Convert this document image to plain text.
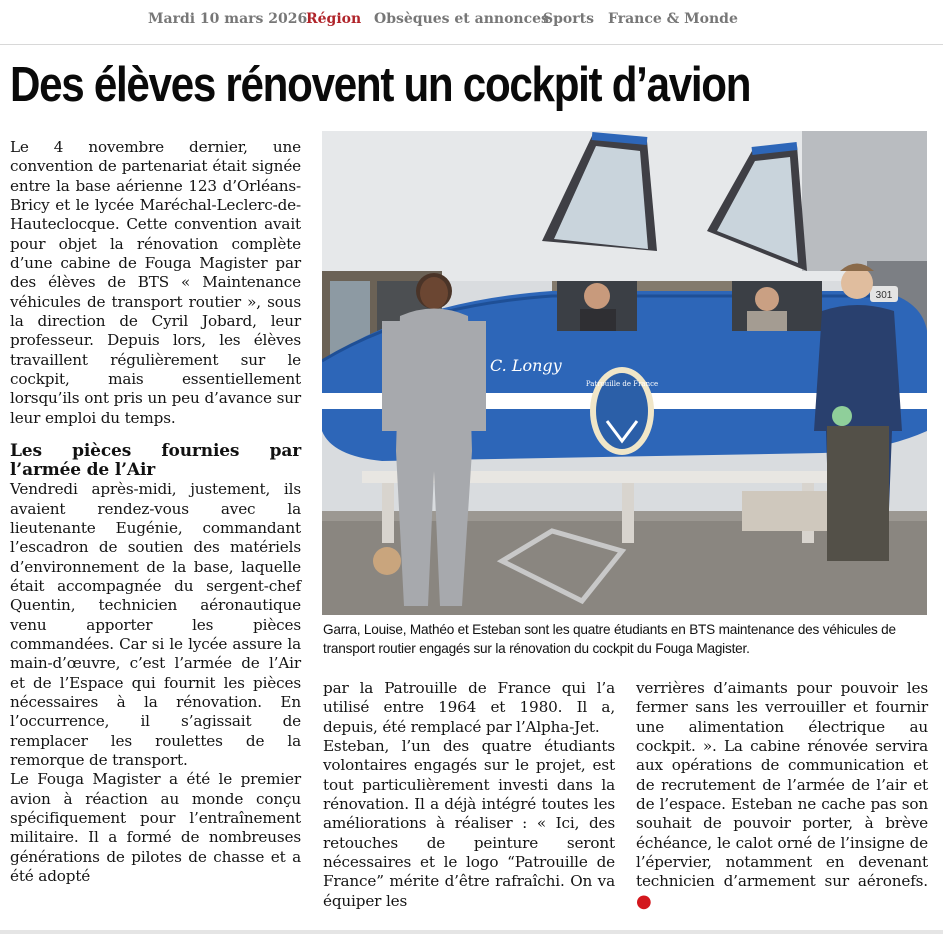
Mardi 10 mars 2026
Région Obsèques et annonces
Sports France & Monde
Des élèves rénovent un cockpit d’avion

Le 4 novembre dernier, une convention de partenariat était signée entre la base aérienne 123 d’Orléans-Bricy et le lycée Maréchal-Leclerc-de-Hauteclocque. Cette convention avait pour objet la rénovation complète d’une cabine de Fouga Magister par des élèves de BTS « Maintenance véhicules de transport routier », sous la direction de Cyril Jobard, leur professeur. Depuis lors, les élèves travaillent régulièrement sur le cockpit, mais essentiellement lorsqu’ils ont pris un peu d’avance sur leur emploi du temps.

Les pièces fournies par l’armée de l’Air

Vendredi après-midi, justement, ils avaient rendez-vous avec la lieutenante Eugénie, commandant l’escadron de soutien des matériels d’environnement de la base, laquelle était accompagnée du sergent-chef Quentin, technicien aéronautique venu apporter les pièces commandées. Car si le lycée assure la main-d’œuvre, c’est l’armée de l’Air et de l’Espace qui fournit les pièces nécessaires à la rénovation. En l’occurrence, il s’agissait de remplacer les roulettes de la remorque de transport.

Le Fouga Magister a été le premier avion à réaction au monde conçu spécifiquement pour l’entraînement militaire. Il a formé de nombreuses générations de pilotes de chasse et a été adopté

Patrouille de France
C. Longy
301
Garra, Louise, Mathéo et Esteban sont les quatre étudiants en BTS maintenance des véhicules de transport routier engagés sur la rénovation du cockpit du Fouga Magister.

par la Patrouille de France qui l’a utilisé entre 1964 et 1980. Il a, depuis, été remplacé par l’Alpha-Jet.

Esteban, l’un des quatre étudiants volontaires engagés sur le projet, est tout particulièrement investi dans la rénovation. Il a déjà intégré toutes les améliorations à réaliser : « Ici, des retouches de peinture seront nécessaires et le logo “Patrouille de France” mérite d’être rafraîchi. On va équiper les

verrières d’aimants pour pouvoir les fermer sans les verrouiller et fournir une alimentation électrique au cockpit. ». La cabine rénovée servira aux opérations de communication et de recrutement de l’armée de l’air et de l’espace. Esteban ne cache pas son souhait de pouvoir porter, à brève échéance, le calot orné de l’insigne de l’épervier, notamment en devenant technicien d’armement sur aéronefs. ●
